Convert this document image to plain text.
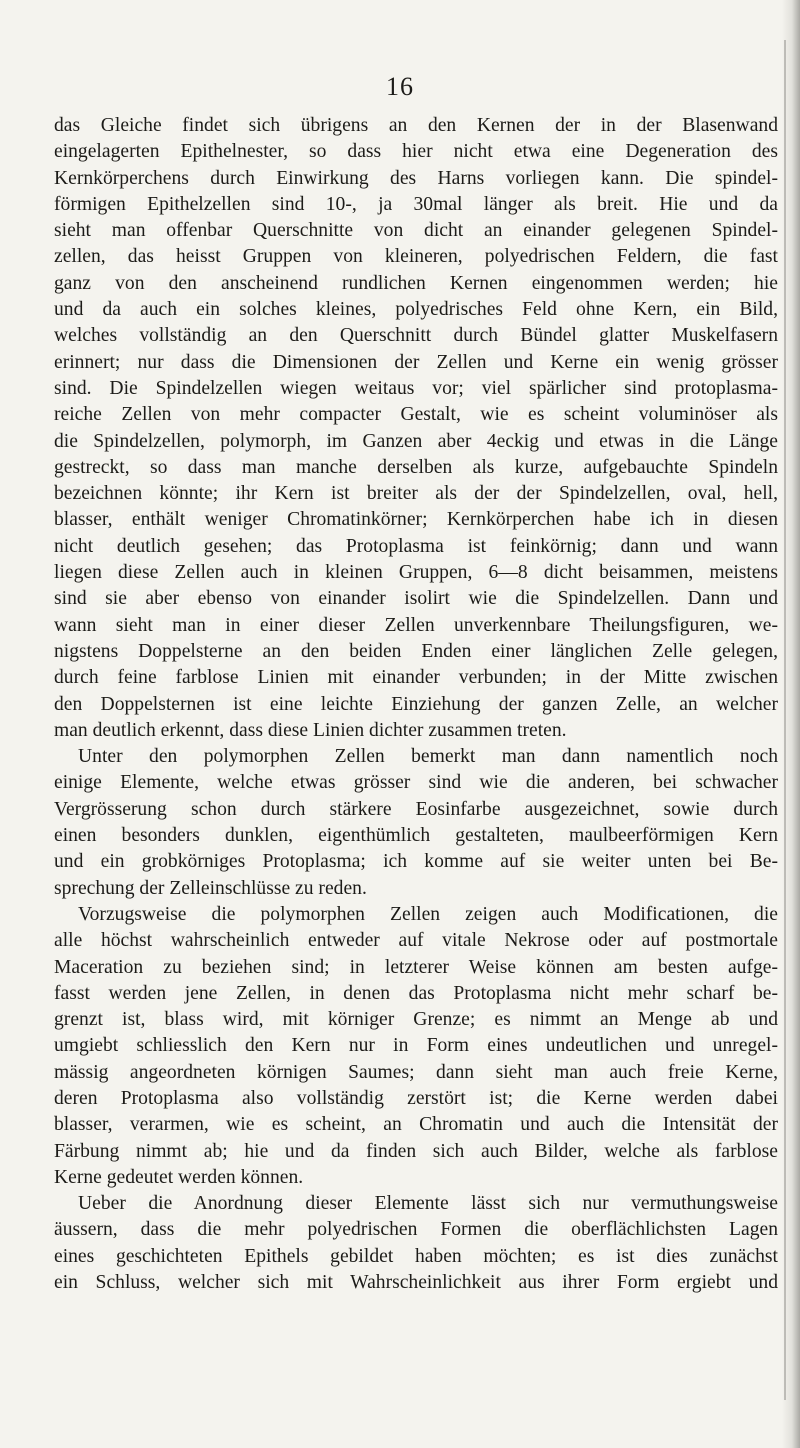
16
das Gleiche findet sich übrigens an den Kernen der in der Blasenwand
eingelagerten Epithelnester, so dass hier nicht etwa eine Degeneration des
Kernkörperchens durch Einwirkung des Harns vorliegen kann. Die spindel-
förmigen Epithelzellen sind 10-, ja 30mal länger als breit. Hie und da
sieht man offenbar Querschnitte von dicht an einander gelegenen Spindel-
zellen, das heisst Gruppen von kleineren, polyedrischen Feldern, die fast
ganz von den anscheinend rundlichen Kernen eingenommen werden; hie
und da auch ein solches kleines, polyedrisches Feld ohne Kern, ein Bild,
welches vollständig an den Querschnitt durch Bündel glatter Muskelfasern
erinnert; nur dass die Dimensionen der Zellen und Kerne ein wenig grösser
sind. Die Spindelzellen wiegen weitaus vor; viel spärlicher sind protoplasma-
reiche Zellen von mehr compacter Gestalt, wie es scheint voluminöser als
die Spindelzellen, polymorph, im Ganzen aber 4eckig und etwas in die Länge
gestreckt, so dass man manche derselben als kurze, aufgebauchte Spindeln
bezeichnen könnte; ihr Kern ist breiter als der der Spindelzellen, oval, hell,
blasser, enthält weniger Chromatinkörner; Kernkörperchen habe ich in diesen
nicht deutlich gesehen; das Protoplasma ist feinkörnig; dann und wann
liegen diese Zellen auch in kleinen Gruppen, 6—8 dicht beisammen, meistens
sind sie aber ebenso von einander isolirt wie die Spindelzellen. Dann und
wann sieht man in einer dieser Zellen unverkennbare Theilungsfiguren, we-
nigstens Doppelsterne an den beiden Enden einer länglichen Zelle gelegen,
durch feine farblose Linien mit einander verbunden; in der Mitte zwischen
den Doppelsternen ist eine leichte Einziehung der ganzen Zelle, an welcher
man deutlich erkennt, dass diese Linien dichter zusammen treten.
Unter den polymorphen Zellen bemerkt man dann namentlich noch
einige Elemente, welche etwas grösser sind wie die anderen, bei schwacher
Vergrösserung schon durch stärkere Eosinfarbe ausgezeichnet, sowie durch
einen besonders dunklen, eigenthümlich gestalteten, maulbeerförmigen Kern
und ein grobkörniges Protoplasma; ich komme auf sie weiter unten bei Be-
sprechung der Zelleinschlüsse zu reden.
Vorzugsweise die polymorphen Zellen zeigen auch Modificationen, die
alle höchst wahrscheinlich entweder auf vitale Nekrose oder auf postmortale
Maceration zu beziehen sind; in letzterer Weise können am besten aufge-
fasst werden jene Zellen, in denen das Protoplasma nicht mehr scharf be-
grenzt ist, blass wird, mit körniger Grenze; es nimmt an Menge ab und
umgiebt schliesslich den Kern nur in Form eines undeutlichen und unregel-
mässig angeordneten körnigen Saumes; dann sieht man auch freie Kerne,
deren Protoplasma also vollständig zerstört ist; die Kerne werden dabei
blasser, verarmen, wie es scheint, an Chromatin und auch die Intensität der
Färbung nimmt ab; hie und da finden sich auch Bilder, welche als farblose
Kerne gedeutet werden können.
Ueber die Anordnung dieser Elemente lässt sich nur vermuthungsweise
äussern, dass die mehr polyedrischen Formen die oberflächlichsten Lagen
eines geschichteten Epithels gebildet haben möchten; es ist dies zunächst
ein Schluss, welcher sich mit Wahrscheinlichkeit aus ihrer Form ergiebt und
